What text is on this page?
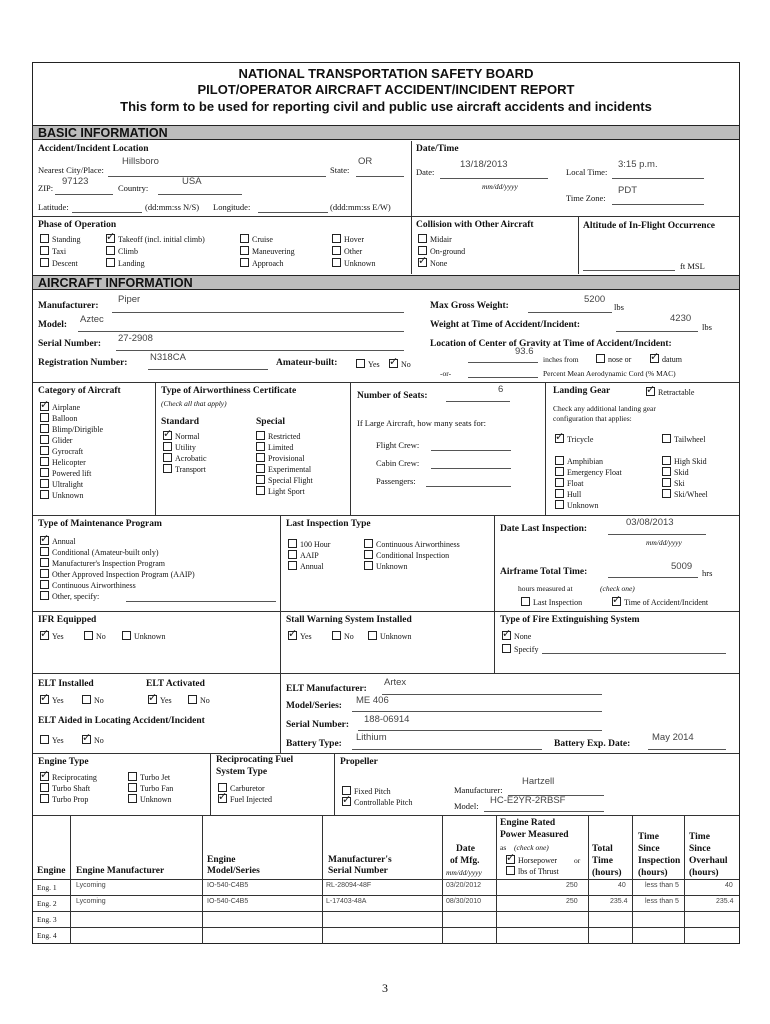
NATIONAL TRANSPORTATION SAFETY BOARD
PILOT/OPERATOR AIRCRAFT ACCIDENT/INCIDENT REPORT
This form to be used for reporting civil and public use aircraft accidents and incidents
BASIC INFORMATION
Accident/Incident Location
Nearest City/Place:
Hillsboro
State:
OR
ZIP:
97123
Country:
USA
Latitude:	(dd:mm:ss N/S) Longitude:	(ddd:mm:ss E/W)
Date/Time
Date:
13/18/2013
mm/dd/yyyy
Local Time:
3:15 p.m.
Time Zone:
PDT
Phase of Operation
Standing ✓	Takeoff (incl. initial climb)	Cruise	Hover
Taxi	Climb	Maneuvering	Other
Descent	Landing	Approach	Unknown
Collision with Other Aircraft
Midair
On-ground
✓None
Altitude of In-Flight Occurrence
ft MSL
AIRCRAFT INFORMATION
Manufacturer:
Piper
Model: Aztec
Serial Number: 27-2908
Registration Number: N318CA	Amateur-built:	Yes ✓	No
Max Gross Weight:
5200
lbs
Weight at Time of Accident/Incident:
4230
lbs
Location of Center of Gravity at Time of Accident/Incident:
93.6
inches from	nose or ✓	datum
-or-	Percent Mean Aerodynamic Cord (% MAC)
Category of Aircraft
✓Airplane
Balloon
Blimp/Dirigible
Glider
Gyrocraft
Helicopter
Powered lift
Ultralight
Unknown
Type of Airworthiness Certificate
(Check all that apply)
Standard
✓Normal
Utility
Acrobatic
Transport
Special
Restricted
Limited
Provisional
Experimental
Special Flight
Light Sport
Number of Seats:
6
If Large Aircraft, how many seats for:
Flight Crew:
Cabin Crew:
Passengers:
Landing Gear ✓	Retractable
Check any additional landing gear
configuration that applies:
✓Tricycle	Tailwheel
Amphibian
Emergency Float
Float
Hull
Unknown
High Skid
Skid
Ski
Ski/Wheel
Type of Maintenance Program
✓Annual
Conditional (Amateur-built only)
Manufacturer's Inspection Program
Other Approved Inspection Program (AAIP)
Continuous Airworthiness
Other, specify:
Last Inspection Type
100 Hour
AAIP
Annual
Continuous Airworthiness
Conditional Inspection
Unknown
Date Last Inspection:
03/08/2013
mm/dd/yyyy
Airframe Total Time:	5009
hrs
hours measured at	(check one)
Last Inspection ✓	Time of Accident/Incident
IFR Equipped
✓Yes	No	Unknown
Stall Warning System Installed
✓Yes	No	Unknown
Type of Fire Extinguishing System
✓None
Specify
ELT Installed
✓Yes	No
ELT Activated
✓Yes	No
ELT Aided in Locating Accident/Incident
Yes ✓	No
ELT Manufacturer:
Artex
Model/Series: ME 406
Serial Number: 188-06914
Battery Type:
Lithium
Battery Exp. Date:
May 2014
Engine Type
✓Reciprocating	Turbo Jet
Turbo Shaft	Turbo Fan
Turbo Prop	Unknown
Reciprocating Fuel
System Type
Carburetor
✓Fuel Injected
Propeller
Fixed Pitch
✓Controllable Pitch
Manufacturer:
Hartzell
Model: HC-E2YR-2RBSF
Engine Engine Manufacturer
Engine
Model/Series
Manufacturer's
Serial Number
Date
of Mfg.
mm/dd/yyyy
Engine Rated
Power Measured
as (check one)
✓Horsepower or
lbs of Thrust
Total
Time
(hours)
Time
Since
Inspection
(hours)
Time
Since
Overhaul
(hours)
Eng. 1	Lycoming	IO-540-C4B5	RL-28094-48F	03/20/2012	250	40	less than 5	40
Eng. 2	Lycoming	IO-540-C4B5	L-17403-48A	08/30/2010	250	235.4 less than 5	235.4
Eng. 3
Eng. 4
3
